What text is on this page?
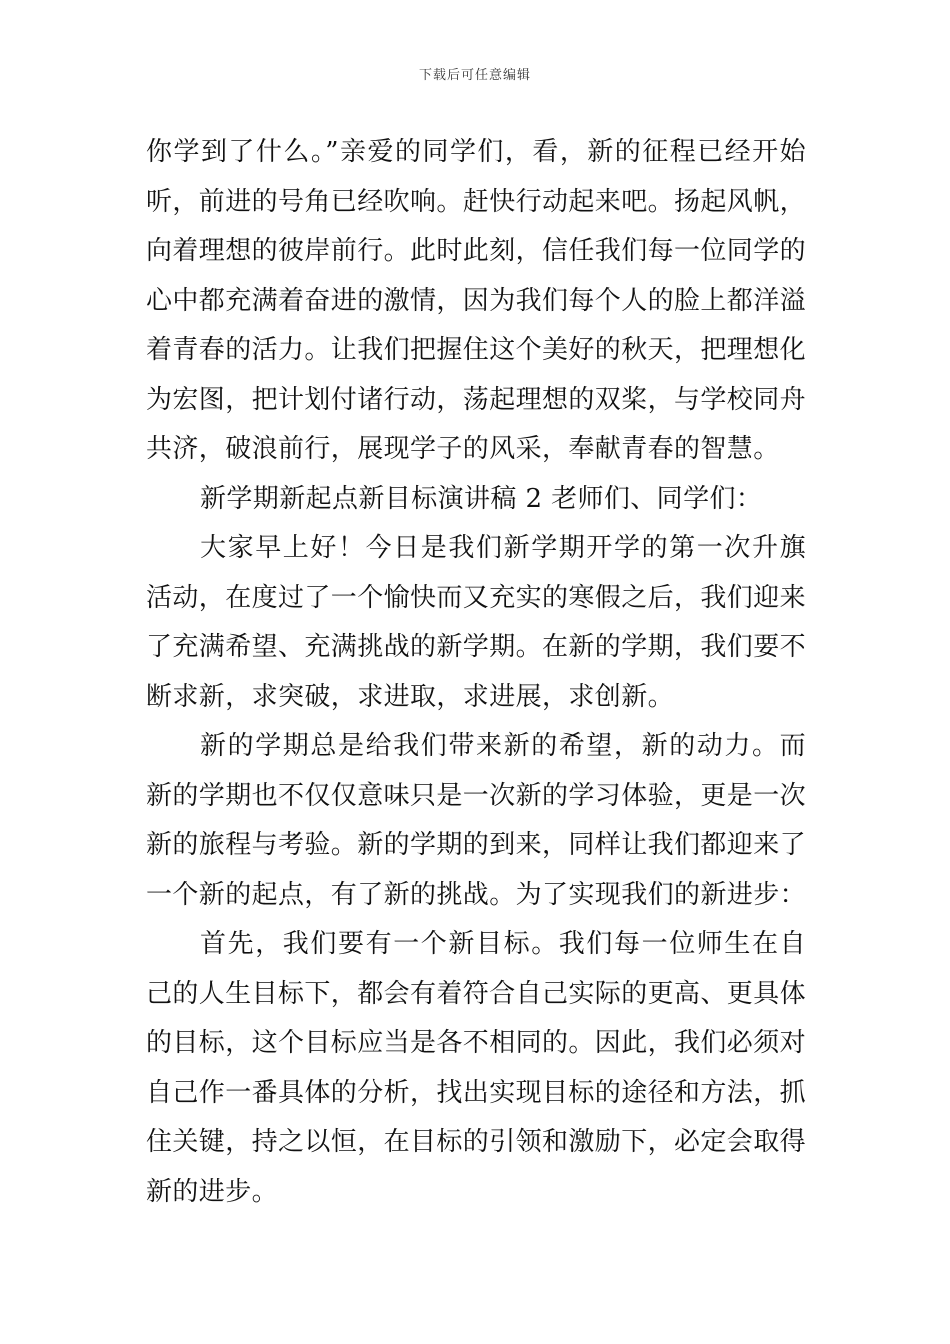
下载后可任意编辑

你学到了什么。”亲爱的同学们，看，新的征程已经开始听，前进的号角已经吹响。赶快行动起来吧。扬起风帆，向着理想的彼岸前行。此时此刻，信任我们每一位同学的心中都充满着奋进的激情，因为我们每个人的脸上都洋溢着青春的活力。让我们把握住这个美好的秋天，把理想化为宏图，把计划付诸行动，荡起理想的双桨，与学校同舟共济，破浪前行，展现学子的风采，奉献青春的智慧。

新学期新起点新目标演讲稿 2 老师们、同学们：

大家早上好！今日是我们新学期开学的第一次升旗活动，在度过了一个愉快而又充实的寒假之后，我们迎来了充满希望、充满挑战的新学期。在新的学期，我们要不断求新，求突破，求进取，求进展，求创新。

新的学期总是给我们带来新的希望，新的动力。而新的学期也不仅仅意味只是一次新的学习体验，更是一次新的旅程与考验。新的学期的到来，同样让我们都迎来了一个新的起点，有了新的挑战。为了实现我们的新进步：

首先，我们要有一个新目标。我们每一位师生在自己的人生目标下，都会有着符合自己实际的更高、更具体的目标，这个目标应当是各不相同的。因此，我们必须对自己作一番具体的分析，找出实现目标的途径和方法，抓住关键，持之以恒，在目标的引领和激励下，必定会取得新的进步。
